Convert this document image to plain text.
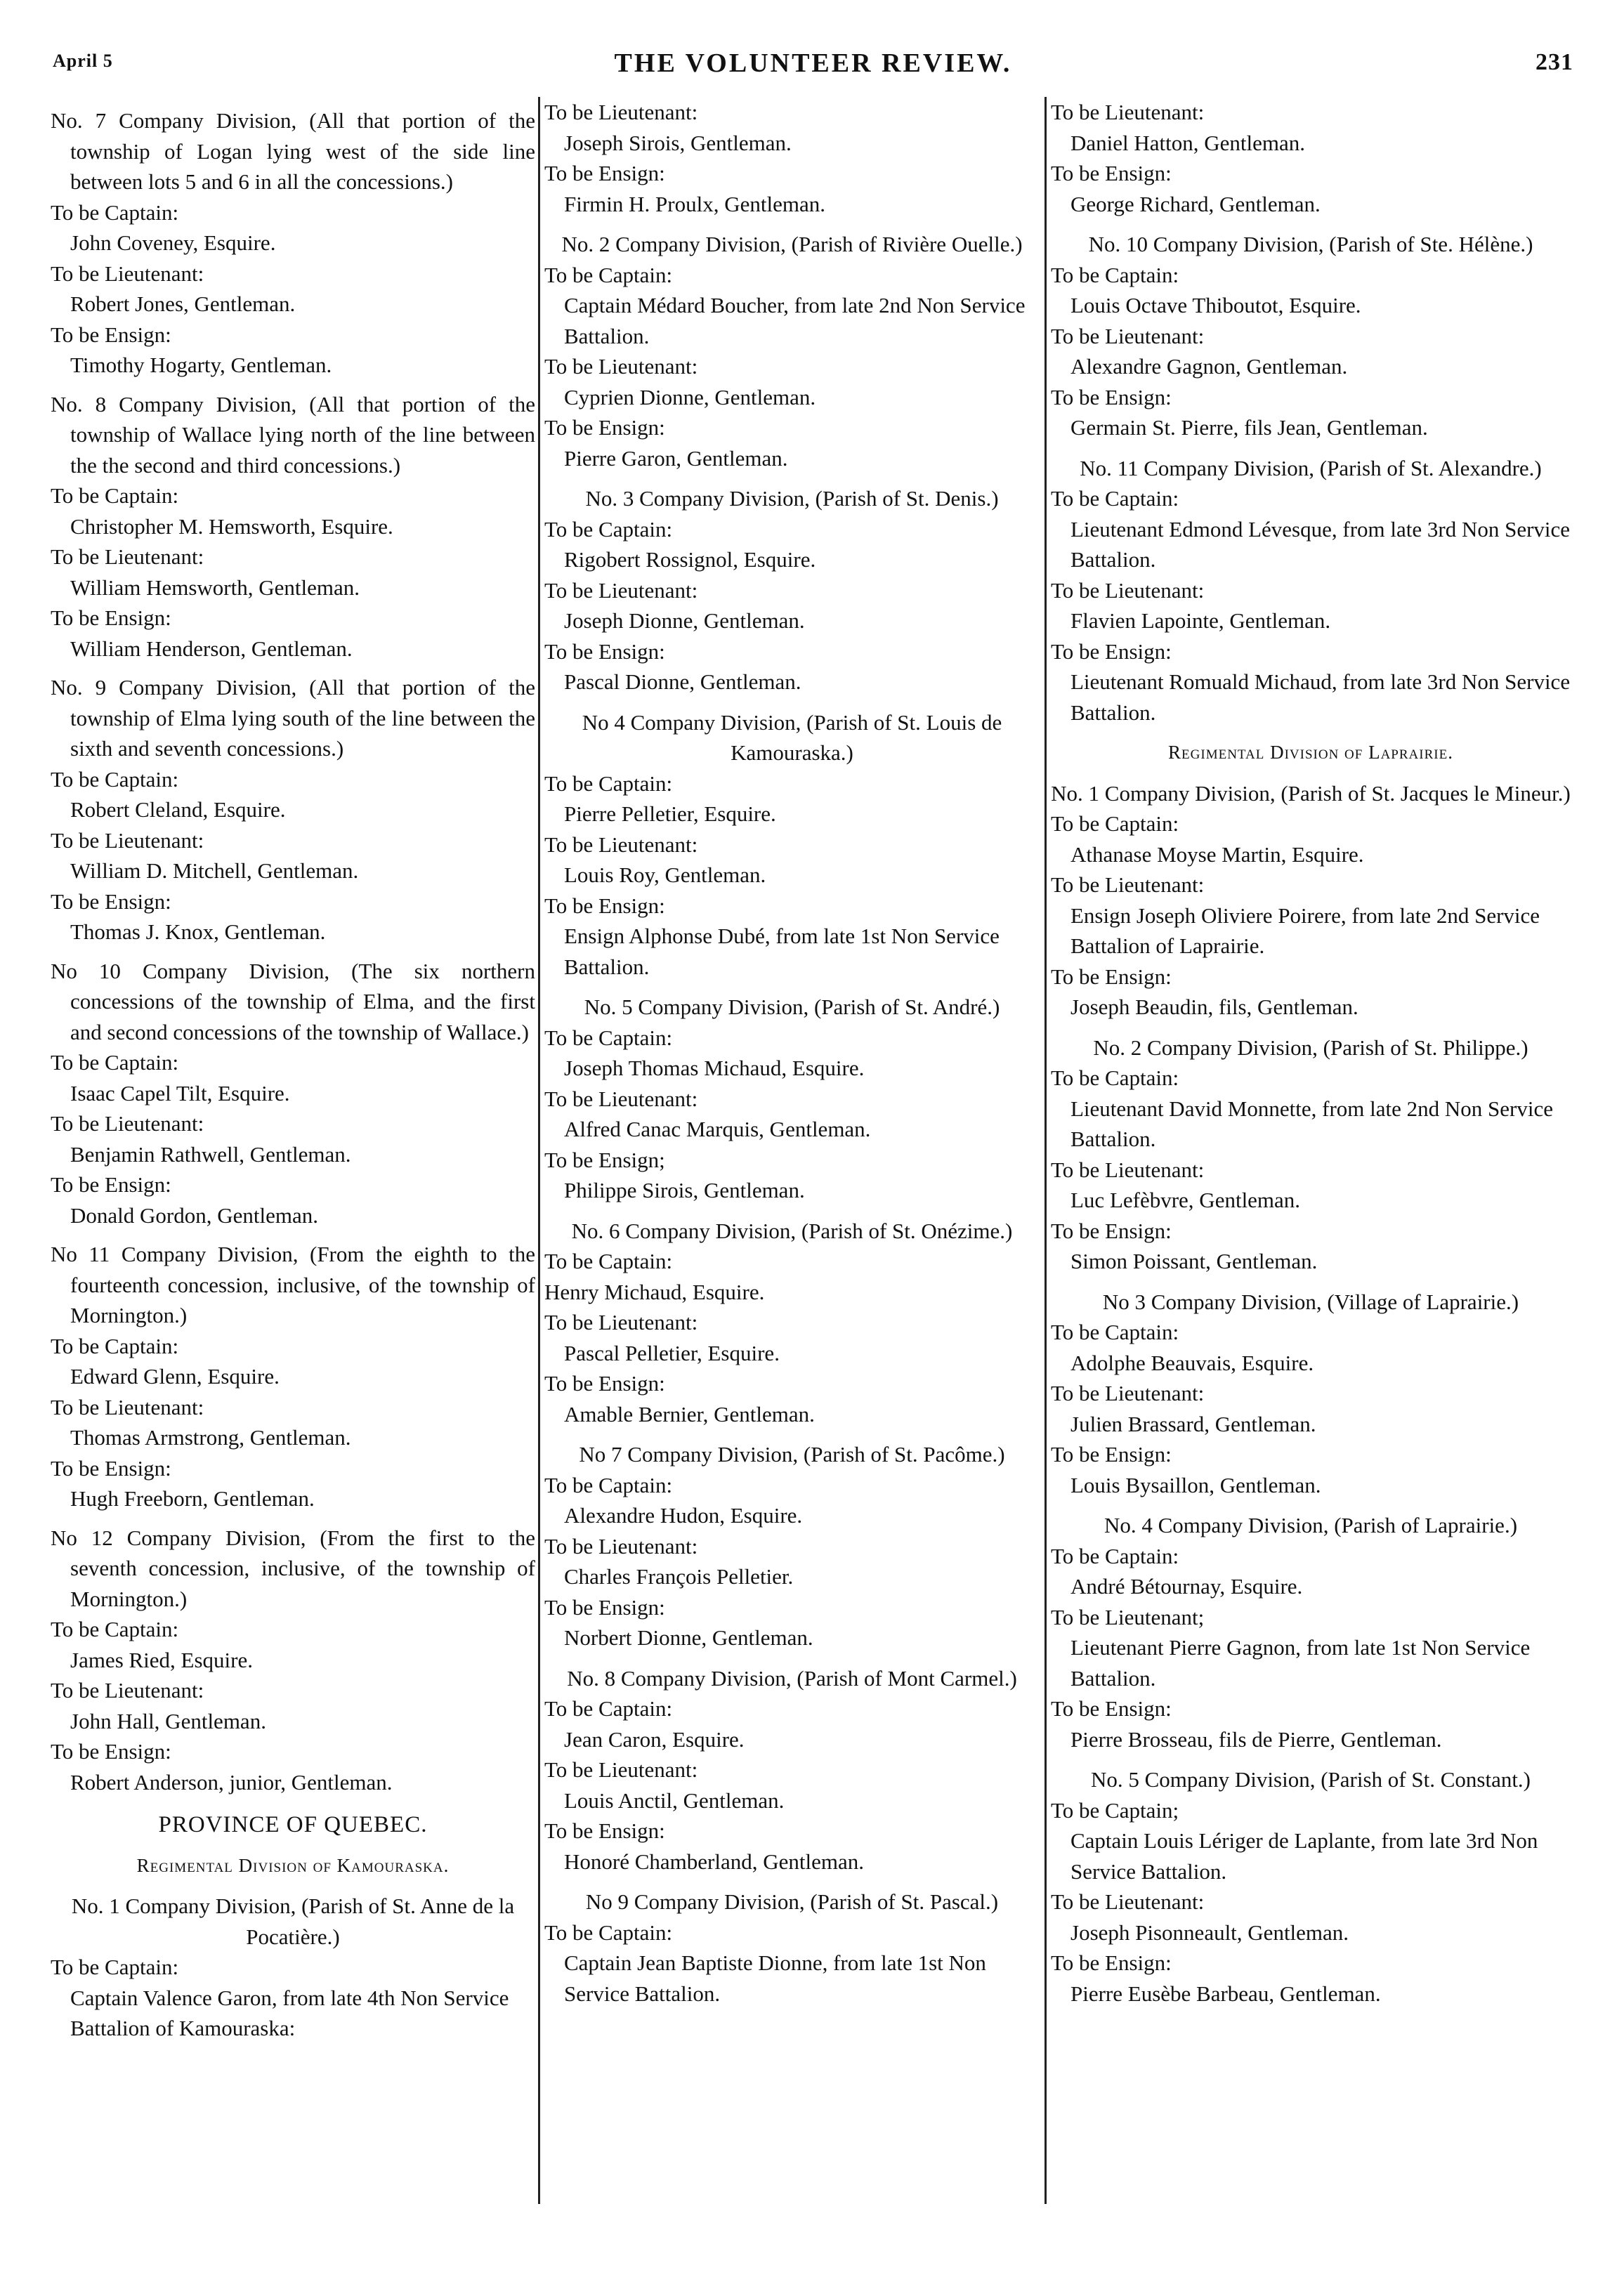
April 5	THE VOLUNTEER REVIEW.	231

No. 7 Company Division, (All that portion of the township of Logan lying west of the side line between lots 5 and 6 in all the concessions.)

To be Captain:

John Coveney, Esquire.

To be Lieutenant:

Robert Jones, Gentleman.

To be Ensign:

Timothy Hogarty, Gentleman.

No. 8 Company Division, (All that portion of the township of Wallace lying north of the line between the the second and third concessions.)

To be Captain:

Christopher M. Hemsworth, Esquire.

To be Lieutenant:

William Hemsworth, Gentleman.

To be Ensign:

William Henderson, Gentleman.

No. 9 Company Division, (All that portion of the township of Elma lying south of the line between the sixth and seventh concessions.)

To be Captain:

Robert Cleland, Esquire.

To be Lieutenant:

William D. Mitchell, Gentleman.

To be Ensign:

Thomas J. Knox, Gentleman.

No 10 Company Division, (The six northern concessions of the township of Elma, and the first and second concessions of the township of Wallace.)

To be Captain:

Isaac Capel Tilt, Esquire.

To be Lieutenant:

Benjamin Rathwell, Gentleman.

To be Ensign:

Donald Gordon, Gentleman.

No 11 Company Division, (From the eighth to the fourteenth concession, inclusive, of the township of Mornington.)

To be Captain:

Edward Glenn, Esquire.

To be Lieutenant:

Thomas Armstrong, Gentleman.

To be Ensign:

Hugh Freeborn, Gentleman.

No 12 Company Division, (From the first to the seventh concession, inclusive, of the township of Mornington.)

To be Captain:

James Ried, Esquire.

To be Lieutenant:

John Hall, Gentleman.

To be Ensign:

Robert Anderson, junior, Gentleman.

PROVINCE OF QUEBEC.

Regimental Division of Kamouraska.

No. 1 Company Division, (Parish of St. Anne de la Pocatière.)

To be Captain:

Captain Valence Garon, from late 4th Non Service Battalion of Kamouraska:

To be Lieutenant:

Joseph Sirois, Gentleman.

To be Ensign:

Firmin H. Proulx, Gentleman.

No. 2 Company Division, (Parish of Rivière Ouelle.)

To be Captain:

Captain Médard Boucher, from late 2nd Non Service Battalion.

To be Lieutenant:

Cyprien Dionne, Gentleman.

To be Ensign:

Pierre Garon, Gentleman.

No. 3 Company Division, (Parish of St. Denis.)

To be Captain:

Rigobert Rossignol, Esquire.

To be Lieutenant:

Joseph Dionne, Gentleman.

To be Ensign:

Pascal Dionne, Gentleman.

No 4 Company Division, (Parish of St. Louis de Kamouraska.)

To be Captain:

Pierre Pelletier, Esquire.

To be Lieutenant:

Louis Roy, Gentleman.

To be Ensign:

Ensign Alphonse Dubé, from late 1st Non Service Battalion.

No. 5 Company Division, (Parish of St. André.)

To be Captain:

Joseph Thomas Michaud, Esquire.

To be Lieutenant:

Alfred Canac Marquis, Gentleman.

To be Ensign;

Philippe Sirois, Gentleman.

No. 6 Company Division, (Parish of St. Onézime.)

To be Captain:

Henry Michaud, Esquire.

To be Lieutenant:

Pascal Pelletier, Esquire.

To be Ensign:

Amable Bernier, Gentleman.

No 7 Company Division, (Parish of St. Pacôme.)

To be Captain:

Alexandre Hudon, Esquire.

To be Lieutenant:

Charles François Pelletier.

To be Ensign:

Norbert Dionne, Gentleman.

No. 8 Company Division, (Parish of Mont Carmel.)

To be Captain:

Jean Caron, Esquire.

To be Lieutenant:

Louis Anctil, Gentleman.

To be Ensign:

Honoré Chamberland, Gentleman.

No 9 Company Division, (Parish of St. Pascal.)

To be Captain:

Captain Jean Baptiste Dionne, from late 1st Non Service Battalion.

To be Lieutenant:

Daniel Hatton, Gentleman.

To be Ensign:

George Richard, Gentleman.

No. 10 Company Division, (Parish of Ste. Hélène.)

To be Captain:

Louis Octave Thiboutot, Esquire.

To be Lieutenant:

Alexandre Gagnon, Gentleman.

To be Ensign:

Germain St. Pierre, fils Jean, Gentleman.

No. 11 Company Division, (Parish of St. Alexandre.)

To be Captain:

Lieutenant Edmond Lévesque, from late 3rd Non Service Battalion.

To be Lieutenant:

Flavien Lapointe, Gentleman.

To be Ensign:

Lieutenant Romuald Michaud, from late 3rd Non Service Battalion.

Regimental Division of Laprairie.

No. 1 Company Division, (Parish of St. Jacques le Mineur.)

To be Captain:

Athanase Moyse Martin, Esquire.

To be Lieutenant:

Ensign Joseph Oliviere Poirere, from late 2nd Service Battalion of Laprairie.

To be Ensign:

Joseph Beaudin, fils, Gentleman.

No. 2 Company Division, (Parish of St. Philippe.)

To be Captain:

Lieutenant David Monnette, from late 2nd Non Service Battalion.

To be Lieutenant:

Luc Lefèbvre, Gentleman.

To be Ensign:

Simon Poissant, Gentleman.

No 3 Company Division, (Village of Laprairie.)

To be Captain:

Adolphe Beauvais, Esquire.

To be Lieutenant:

Julien Brassard, Gentleman.

To be Ensign:

Louis Bysaillon, Gentleman.

No. 4 Company Division, (Parish of Laprairie.)

To be Captain:

André Bétournay, Esquire.

To be Lieutenant;

Lieutenant Pierre Gagnon, from late 1st Non Service Battalion.

To be Ensign:

Pierre Brosseau, fils de Pierre, Gentleman.

No. 5 Company Division, (Parish of St. Constant.)

To be Captain;

Captain Louis Lériger de Laplante, from late 3rd Non Service Battalion.

To be Lieutenant:

Joseph Pisonneault, Gentleman.

To be Ensign:

Pierre Eusèbe Barbeau, Gentleman.
